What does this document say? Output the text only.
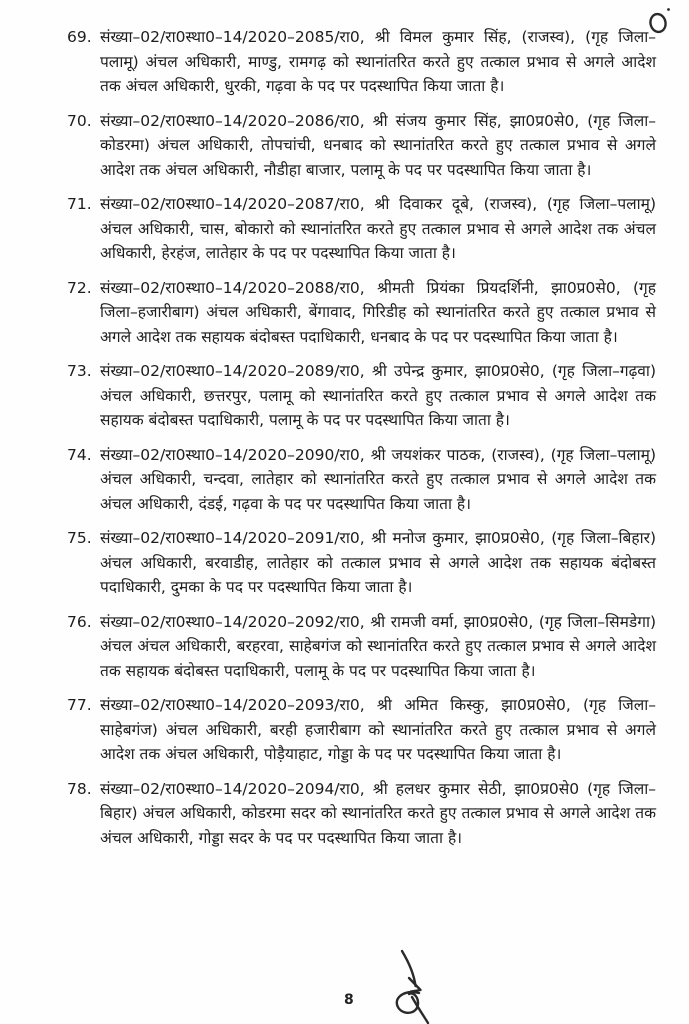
69. संख्या–02/रा0स्था0–14/2020–2085/रा0, श्री विमल कुमार सिंह, (राजस्व), (गृह जिला–पलामू) अंचल अधिकारी, माण्डु, रामगढ़ को स्थानांतरित करते हुए तत्काल प्रभाव से अगले आदेश तक अंचल अधिकारी, धुरकी, गढ़वा के पद पर पदस्थापित किया जाता है।
70. संख्या–02/रा0स्था0–14/2020–2086/रा0, श्री संजय कुमार सिंह, झा0प्र0से0, (गृह जिला–कोडरमा) अंचल अधिकारी, तोपचांची, धनबाद को स्थानांतरित करते हुए तत्काल प्रभाव से अगले आदेश तक अंचल अधिकारी, नौडीहा बाजार, पलामू के पद पर पदस्थापित किया जाता है।
71. संख्या–02/रा0स्था0–14/2020–2087/रा0, श्री दिवाकर दूबे, (राजस्व), (गृह जिला–पलामू) अंचल अधिकारी, चास, बोकारो को स्थानांतरित करते हुए तत्काल प्रभाव से अगले आदेश तक अंचल अधिकारी, हेरहंज, लातेहार के पद पर पदस्थापित किया जाता है।
72. संख्या–02/रा0स्था0–14/2020–2088/रा0, श्रीमती प्रियंका प्रियदर्शिनी, झा0प्र0से0, (गृह जिला–हजारीबाग) अंचल अधिकारी, बेंगावाद, गिरिडीह को स्थानांतरित करते हुए तत्काल प्रभाव से अगले आदेश तक सहायक बंदोबस्त पदाधिकारी, धनबाद के पद पर पदस्थापित किया जाता है।
73. संख्या–02/रा0स्था0–14/2020–2089/रा0, श्री उपेन्द्र कुमार, झा0प्र0से0, (गृह जिला–गढ़वा) अंचल अधिकारी, छत्तरपुर, पलामू को स्थानांतरित करते हुए तत्काल प्रभाव से अगले आदेश तक सहायक बंदोबस्त पदाधिकारी, पलामू के पद पर पदस्थापित किया जाता है।
74. संख्या–02/रा0स्था0–14/2020–2090/रा0, श्री जयशंकर पाठक, (राजस्व), (गृह जिला–पलामू) अंचल अधिकारी, चन्दवा, लातेहार को स्थानांतरित करते हुए तत्काल प्रभाव से अगले आदेश तक अंचल अधिकारी, दंडई, गढ़वा के पद पर पदस्थापित किया जाता है।
75. संख्या–02/रा0स्था0–14/2020–2091/रा0, श्री मनोज कुमार, झा0प्र0से0, (गृह जिला–बिहार) अंचल अधिकारी, बरवाडीह, लातेहार को तत्काल प्रभाव से अगले आदेश तक सहायक बंदोबस्त पदाधिकारी, दुमका के पद पर पदस्थापित किया जाता है।
76. संख्या–02/रा0स्था0–14/2020–2092/रा0, श्री रामजी वर्मा, झा0प्र0से0, (गृह जिला–सिमडेगा) अंचल अंचल अधिकारी, बरहरवा, साहेबगंज को स्थानांतरित करते हुए तत्काल प्रभाव से अगले आदेश तक सहायक बंदोबस्त पदाधिकारी, पलामू के पद पर पदस्थापित किया जाता है।
77. संख्या–02/रा0स्था0–14/2020–2093/रा0, श्री अमित किस्कु, झा0प्र0से0, (गृह जिला–साहेबगंज) अंचल अधिकारी, बरही हजारीबाग को स्थानांतरित करते हुए तत्काल प्रभाव से अगले आदेश तक अंचल अधिकारी, पोड़ैयाहाट, गोड्डा के पद पर पदस्थापित किया जाता है।
78. संख्या–02/रा0स्था0–14/2020–2094/रा0, श्री हलधर कुमार सेठी, झा0प्र0से0 (गृह जिला–बिहार) अंचल अधिकारी, कोडरमा सदर को स्थानांतरित करते हुए तत्काल प्रभाव से अगले आदेश तक अंचल अधिकारी, गोड्डा सदर के पद पर पदस्थापित किया जाता है।
8
